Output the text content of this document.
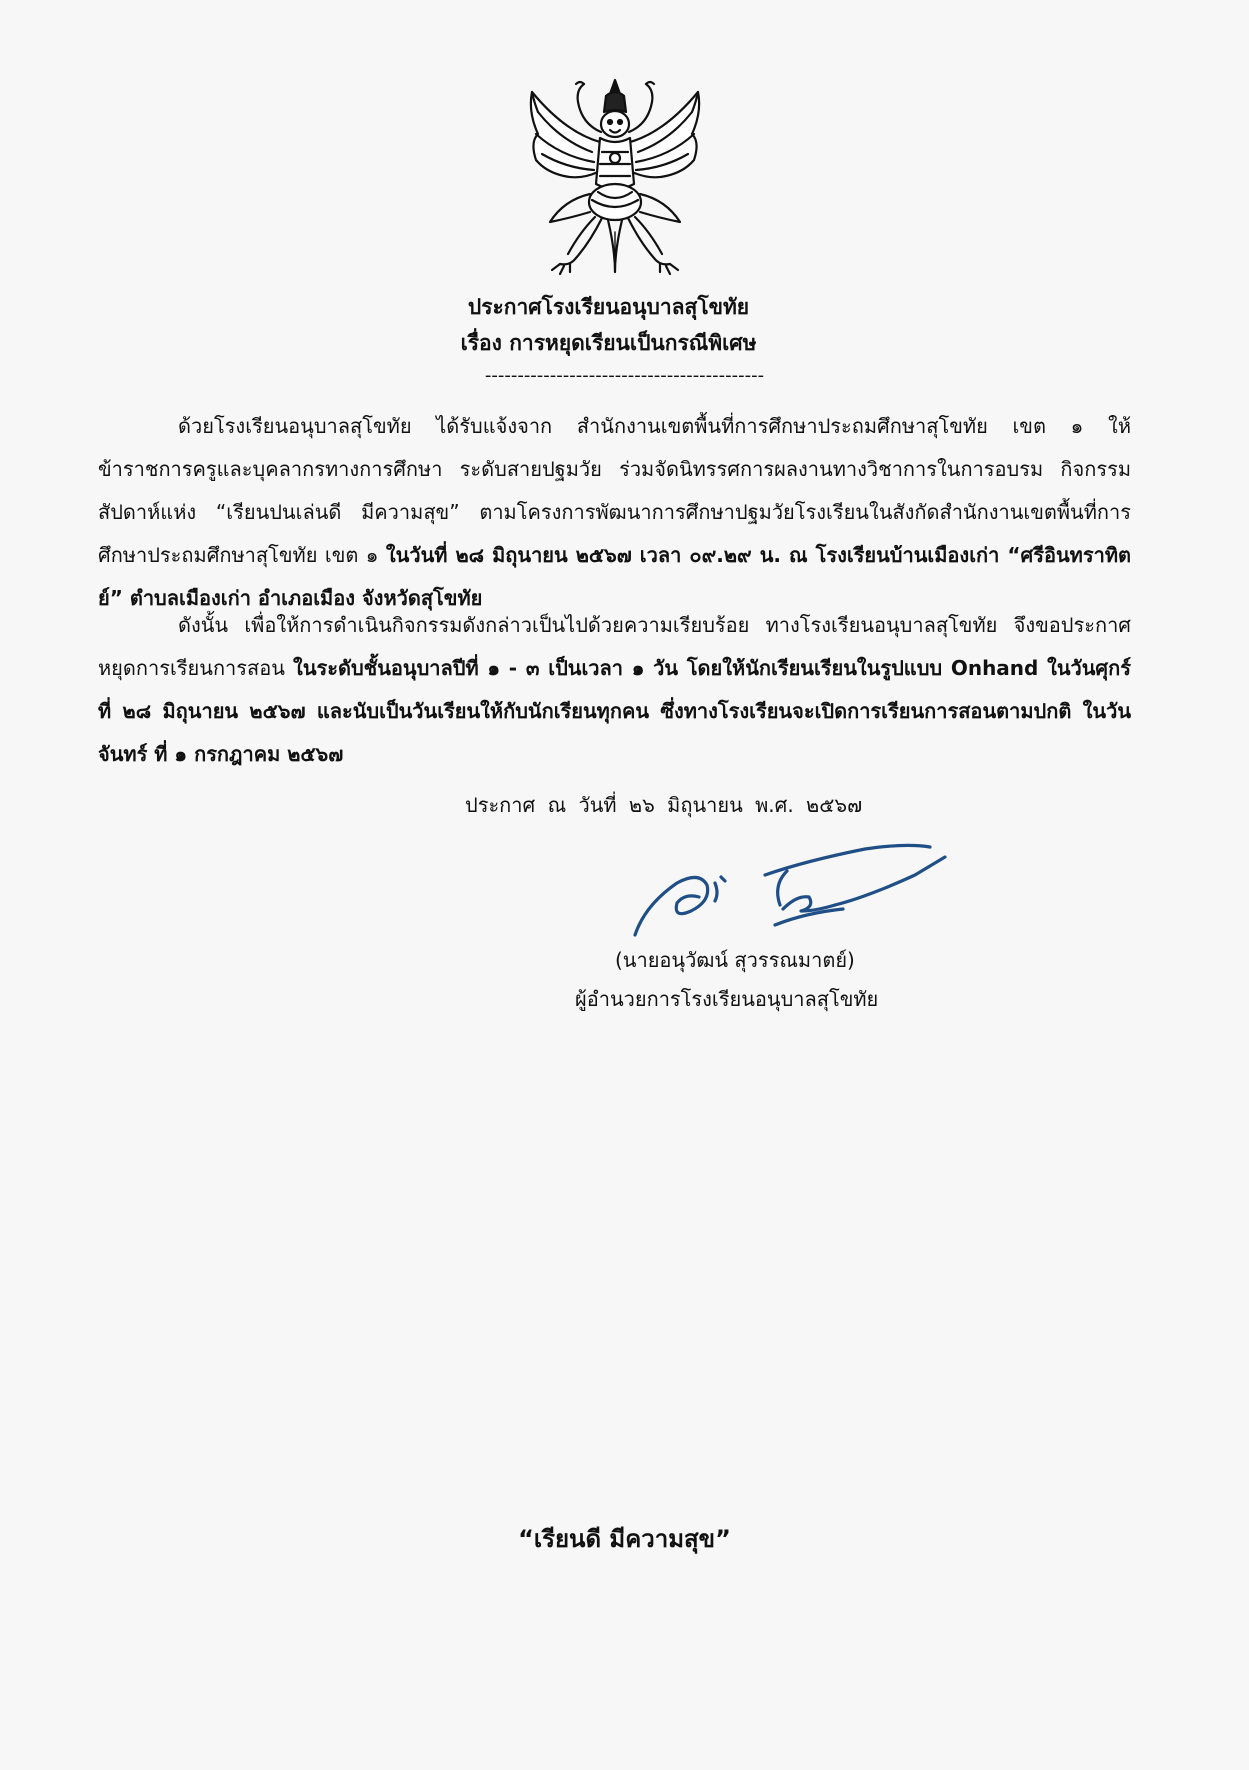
ประกาศโรงเรียนอนุบาลสุโขทัย
เรื่อง การหยุดเรียนเป็นกรณีพิเศษ
-------------------------------------------
ด้วยโรงเรียนอนุบาลสุโขทัย ได้รับแจ้งจาก สำนักงานเขตพื้นที่การศึกษาประถมศึกษาสุโขทัย เขต ๑ ให้ข้าราชการครูและบุคลากรทางการศึกษา ระดับสายปฐมวัย ร่วมจัดนิทรรศการผลงานทางวิชาการในการอบรม กิจกรรมสัปดาห์แห่ง “เรียนปนเล่นดี มีความสุข” ตามโครงการพัฒนาการศึกษาปฐมวัยโรงเรียนในสังกัดสำนักงานเขตพื้นที่การศึกษาประถมศึกษาสุโขทัย เขต ๑ ในวันที่ ๒๘ มิถุนายน ๒๕๖๗ เวลา ๐๙.๒๙ น. ณ โรงเรียนบ้านเมืองเก่า “ศรีอินทราทิตย์” ตำบลเมืองเก่า อำเภอเมือง จังหวัดสุโขทัย
ดังนั้น เพื่อให้การดำเนินกิจกรรมดังกล่าวเป็นไปด้วยความเรียบร้อย ทางโรงเรียนอนุบาลสุโขทัย จึงขอประกาศหยุดการเรียนการสอน ในระดับชั้นอนุบาลปีที่ ๑ - ๓ เป็นเวลา ๑ วัน โดยให้นักเรียนเรียนในรูปแบบ Onhand ในวันศุกร์ ที่ ๒๘ มิถุนายน ๒๕๖๗ และนับเป็นวันเรียนให้กับนักเรียนทุกคน ซึ่งทางโรงเรียนจะเปิดการเรียนการสอนตามปกติ ในวันจันทร์ ที่ ๑ กรกฎาคม ๒๕๖๗
ประกาศ ณ วันที่ ๒๖ มิถุนายน พ.ศ. ๒๕๖๗
(นายอนุวัฒน์ สุวรรณมาตย์)
ผู้อำนวยการโรงเรียนอนุบาลสุโขทัย
“เรียนดี มีความสุข”
